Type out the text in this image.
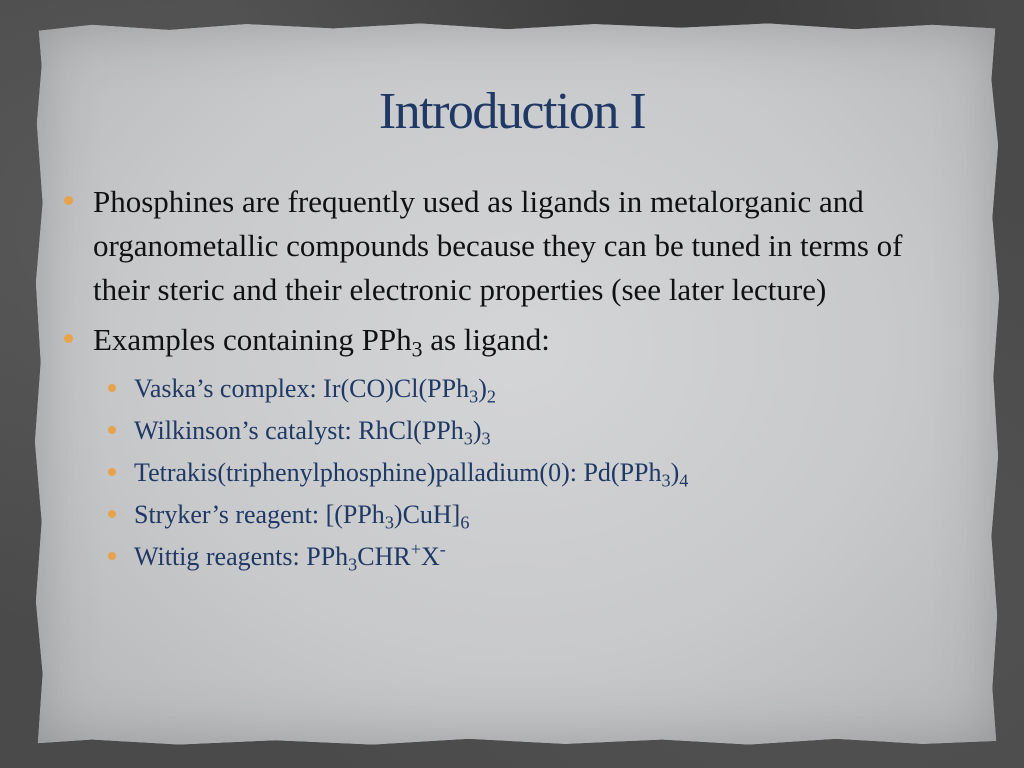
Introduction I
Phosphines are frequently used as ligands in metalorganic and organometallic compounds because they can be tuned in terms of their steric and their electronic properties (see later lecture)
Examples containing PPh$_3$ as ligand:
Vaska’s complex: $Ir(CO)Cl(PPh_3)_2$
Wilkinson’s catalyst: $RhCl(PPh_3)_3$
Tetrakis(triphenylphosphine)palladium(0): $Pd(PPh_3)_4$
Stryker’s reagent: $[(PPh_3)CuH]_6$
Wittig reagents: PPh$_3$CHR+X-
